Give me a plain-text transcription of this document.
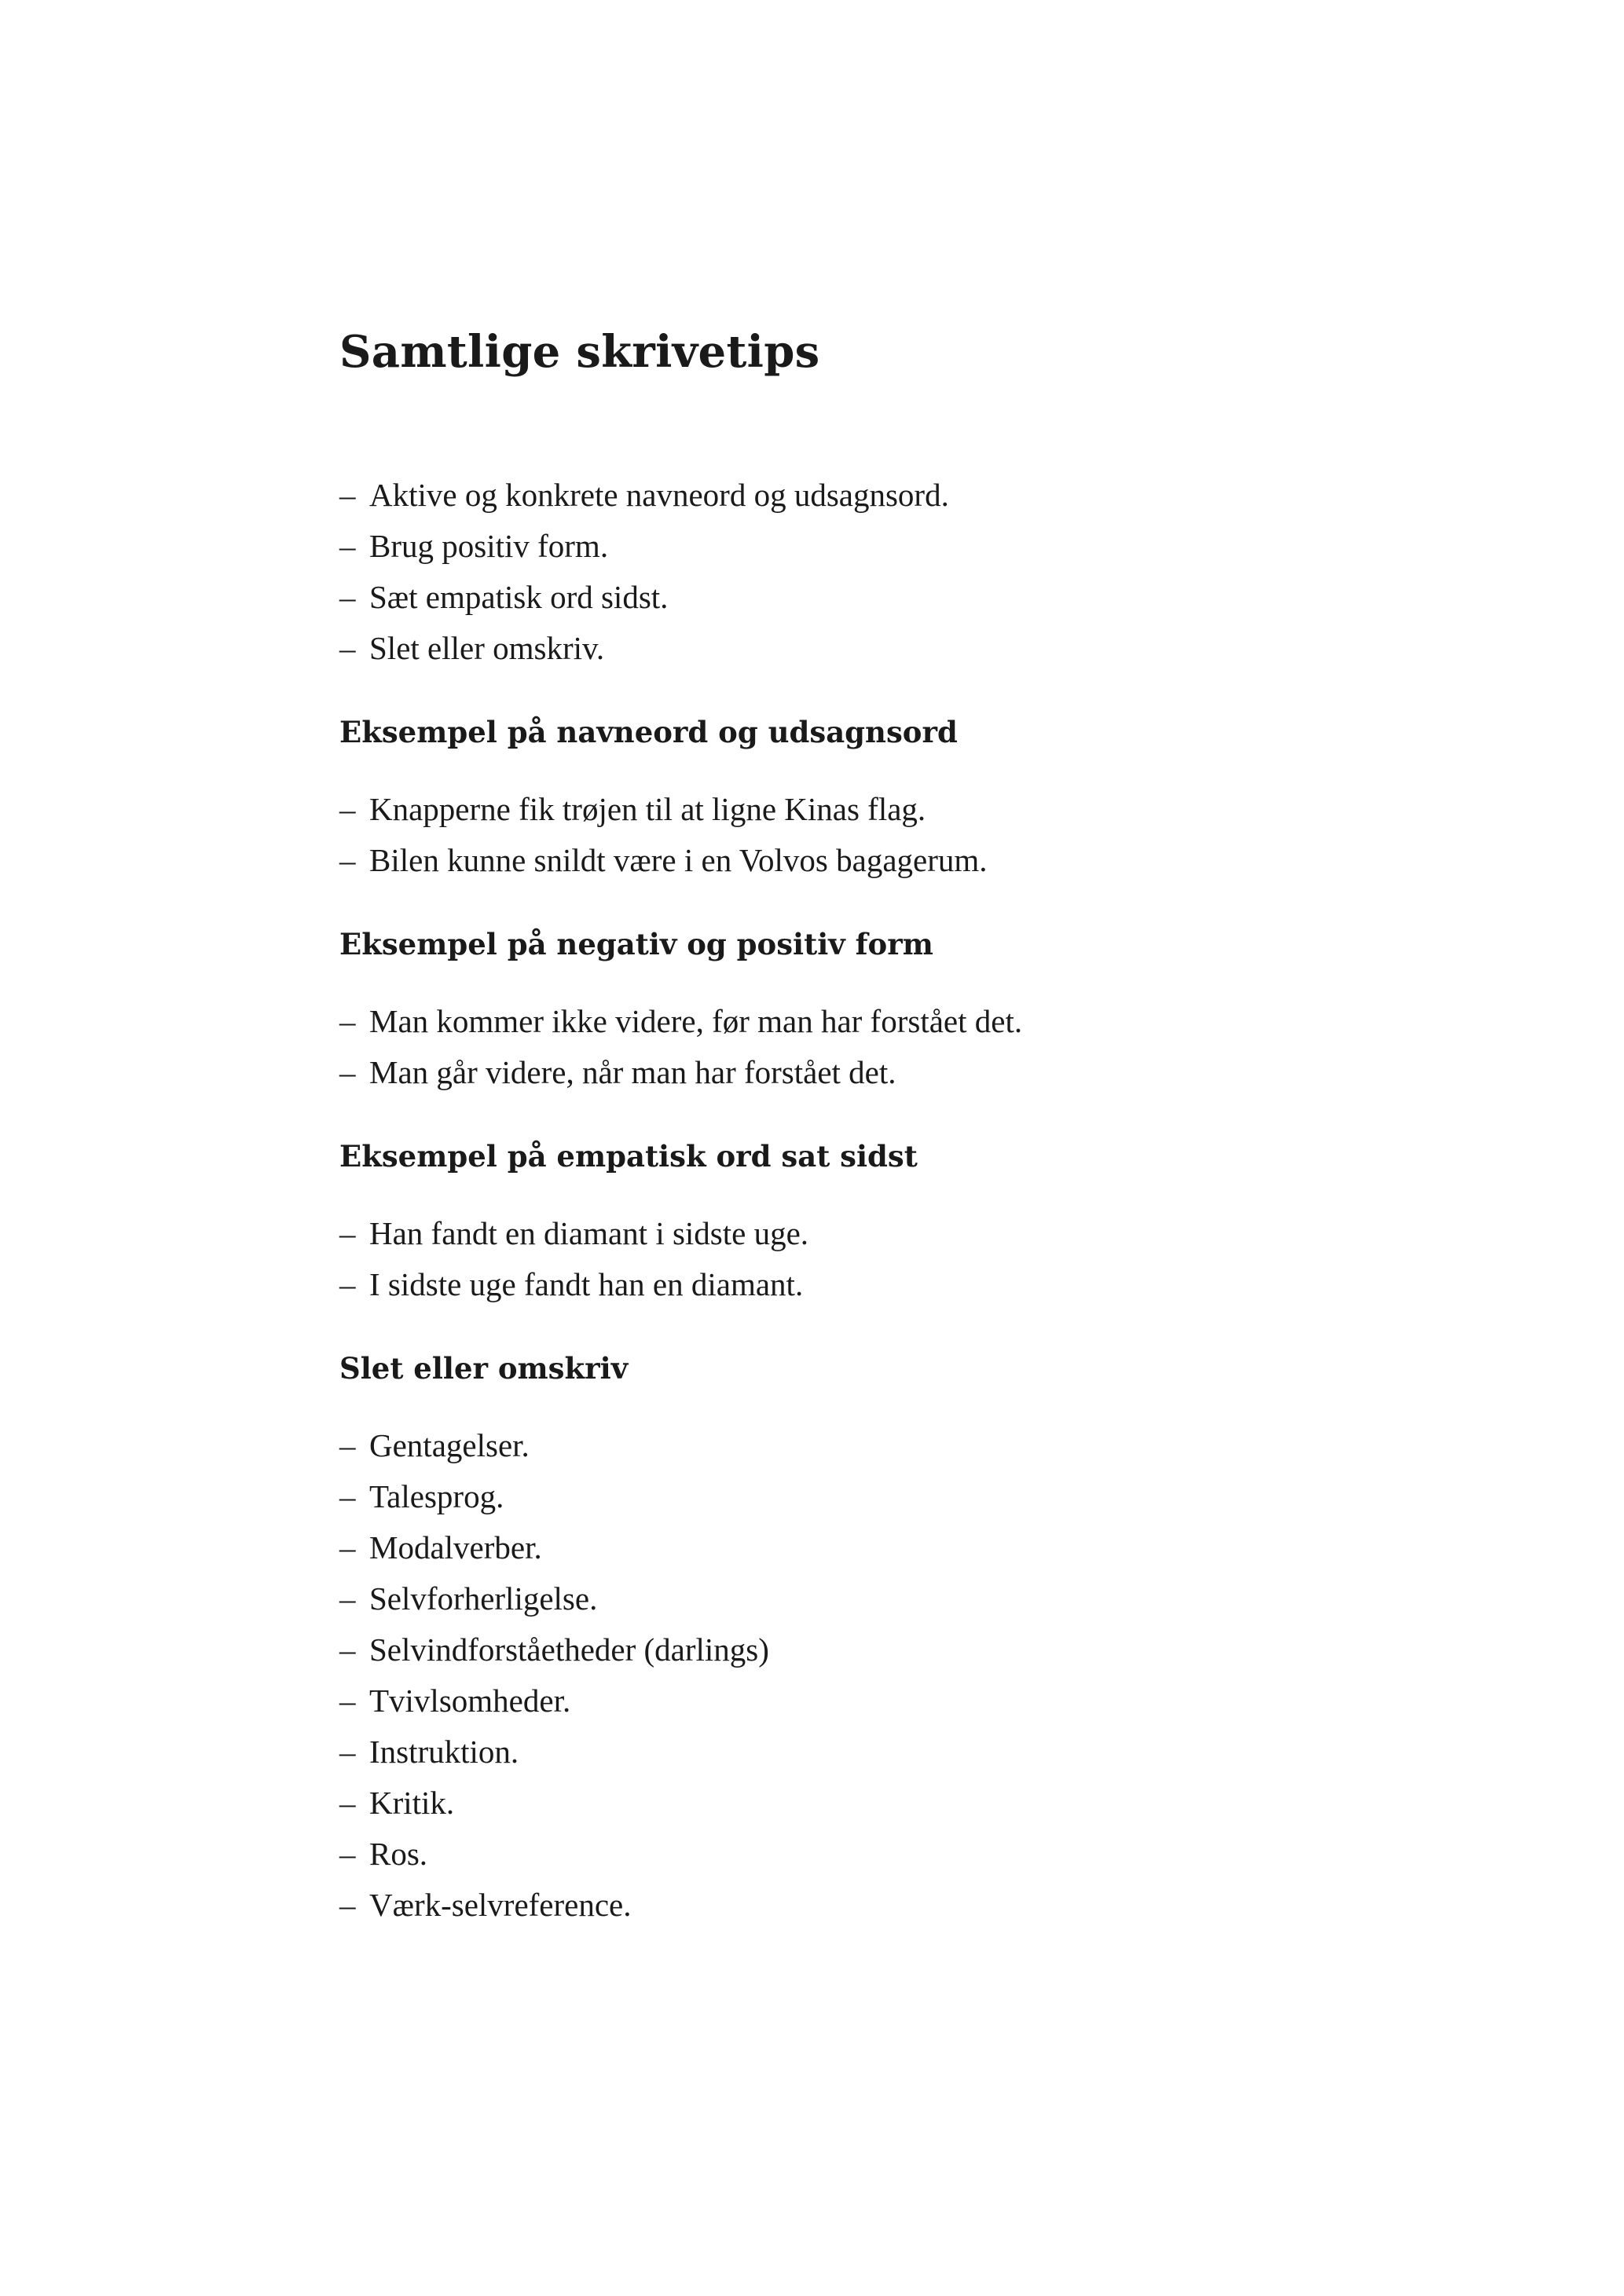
Samtlige skrivetips
– Aktive og konkrete navneord og udsagnsord.
– Brug positiv form.
– Sæt empatisk ord sidst.
– Slet eller omskriv.
Eksempel på navneord og udsagnsord
– Knapperne fik trøjen til at ligne Kinas flag.
– Bilen kunne snildt være i en Volvos bagagerum.
Eksempel på negativ og positiv form
– Man kommer ikke videre, før man har forstået det.
– Man går videre, når man har forstået det.
Eksempel på empatisk ord sat sidst
– Han fandt en diamant i sidste uge.
– I sidste uge fandt han en diamant.
Slet eller omskriv
– Gentagelser.
– Talesprog.
– Modalverber.
– Selvforherligelse.
– Selvindforståetheder (darlings)
– Tvivlsomheder.
– Instruktion.
– Kritik.
– Ros.
– Værk-selvreference.
